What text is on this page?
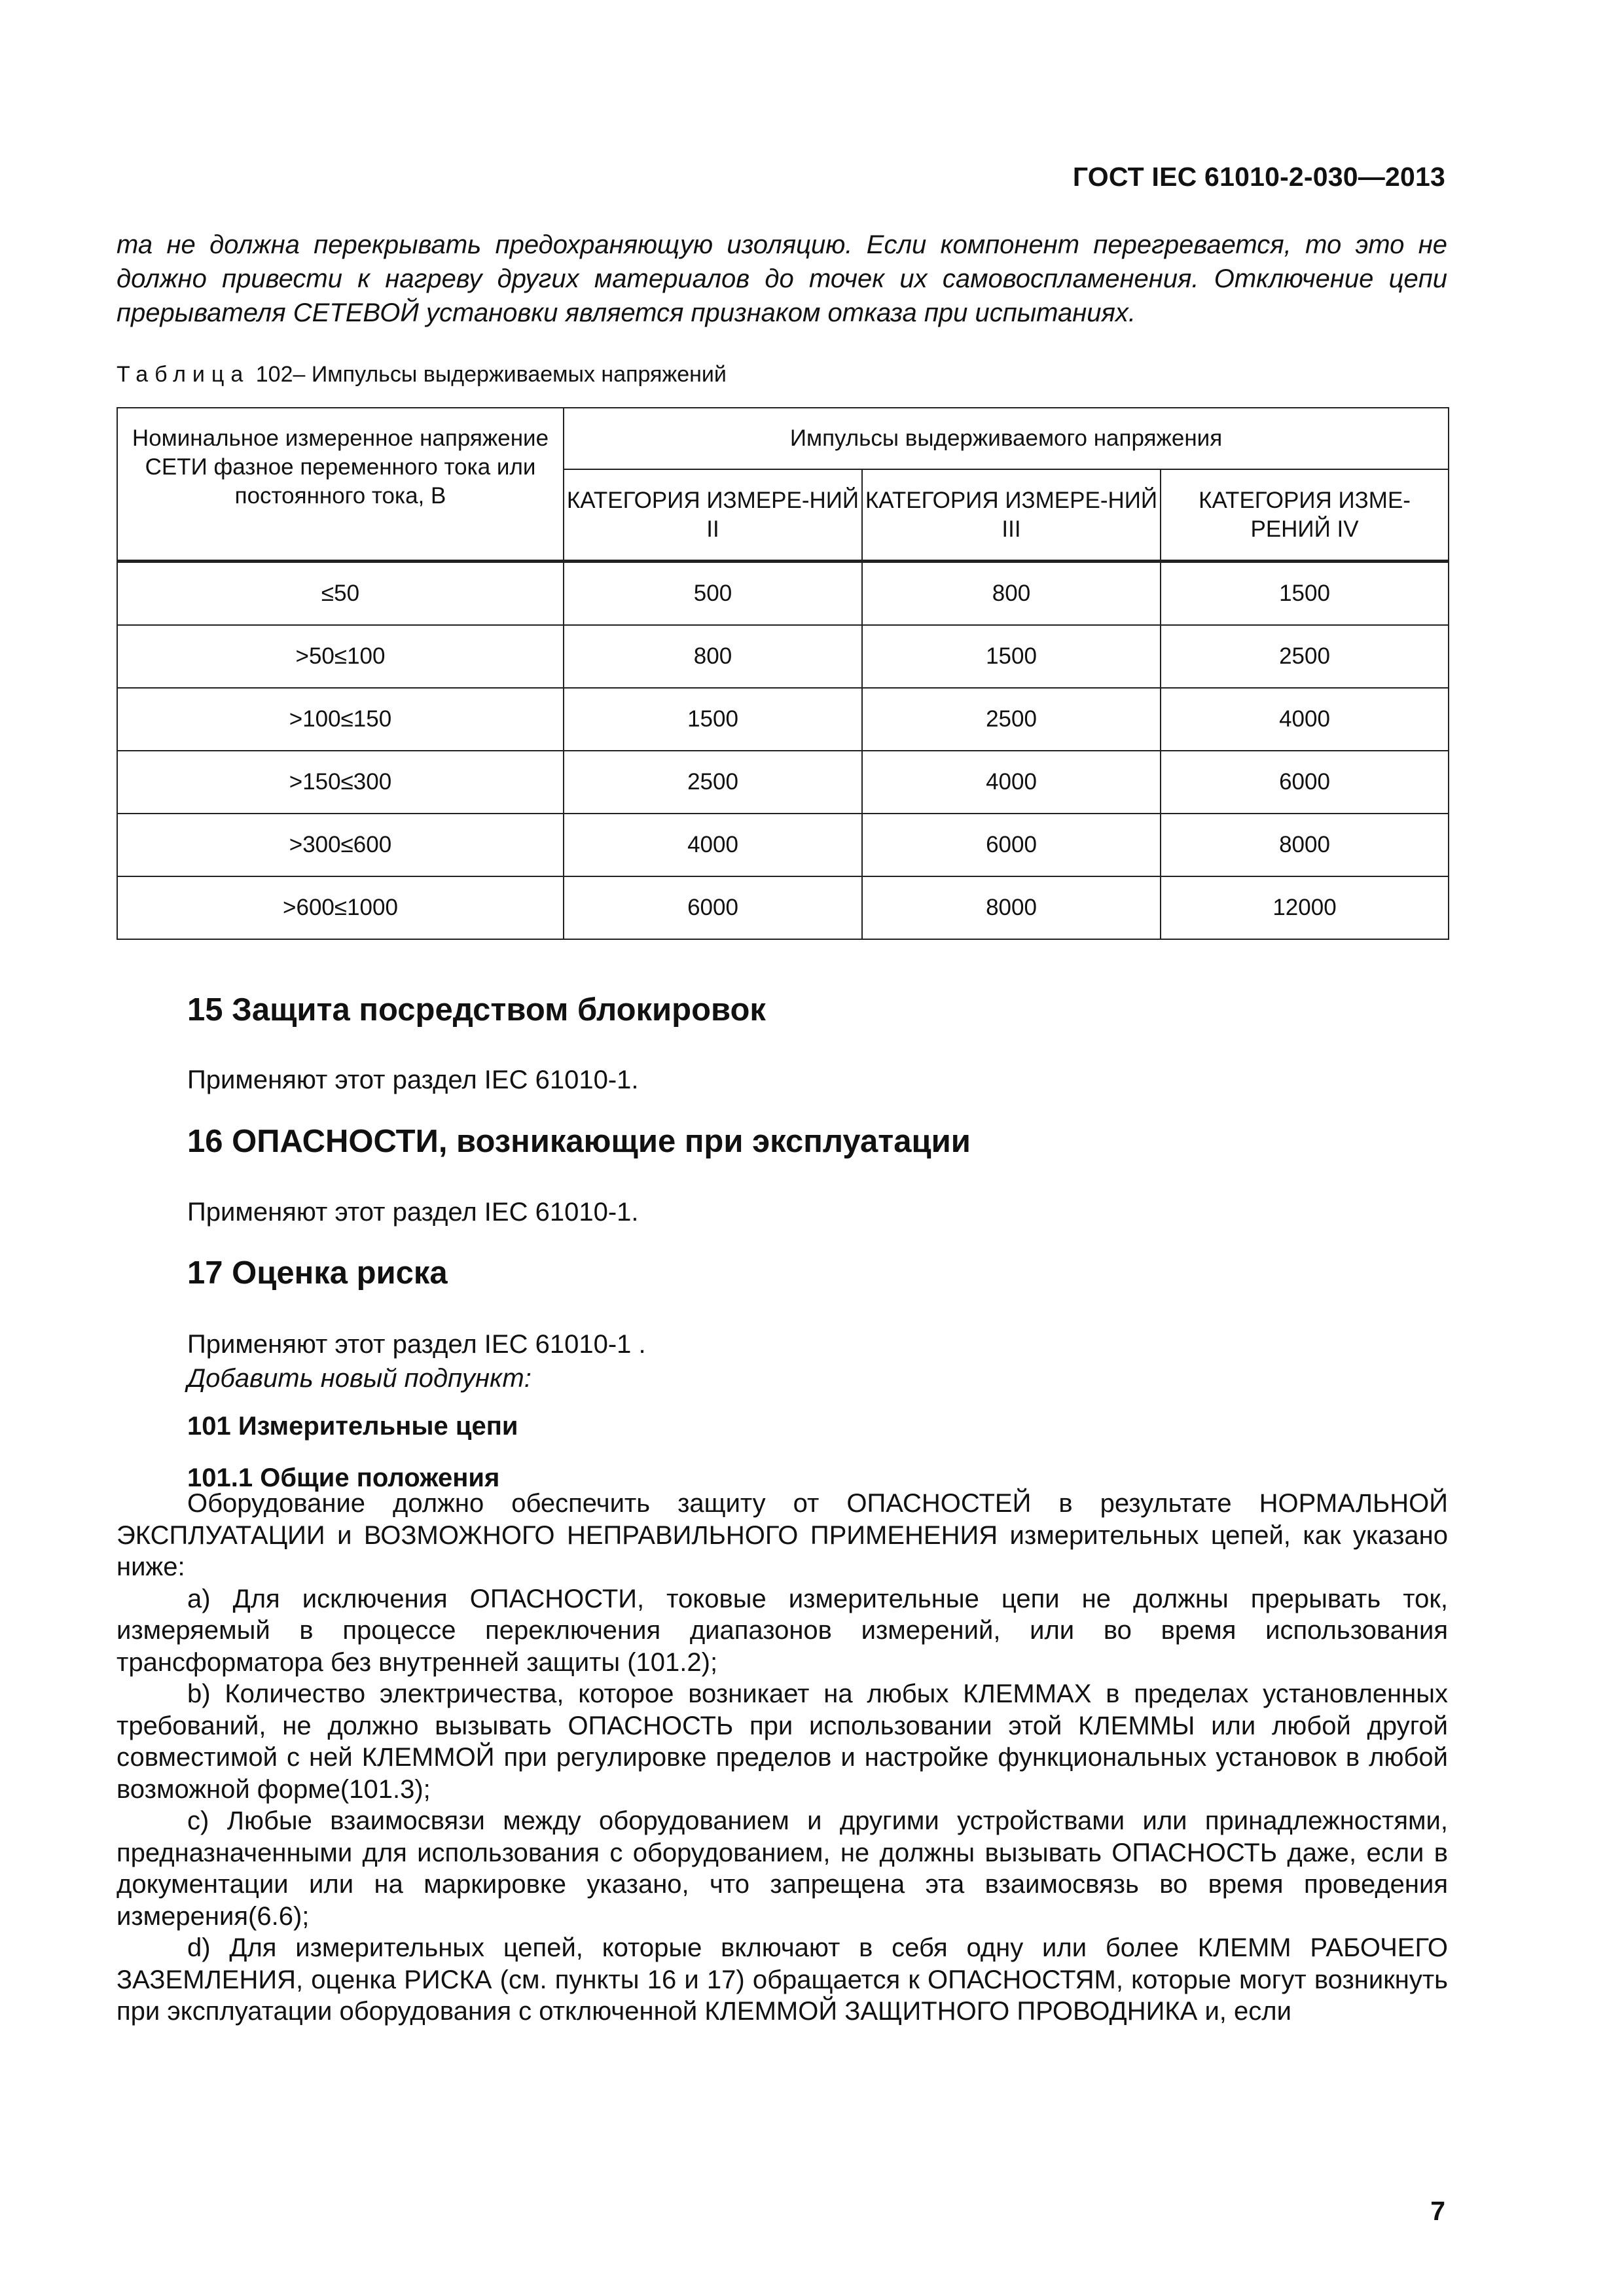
ГОСТ IEC 61010-2-030—2013

та не должна перекрывать предохраняющую изоляцию. Если компонент перегревается, то это не должно привести к нагреву других материалов до точек их самовоспламенения. Отключение цепи прерывателя СЕТЕВОЙ установки является признаком отказа при испытаниях.

Таблица 102– Импульсы выдерживаемых напряжений

Номинальное измеренное напряжение СЕТИ фазное переменного тока или постоянного тока, В	Импульсы выдерживаемого напряжения		
	КАТЕГОРИЯ ИЗМЕРЕ-НИЙ II	КАТЕГОРИЯ ИЗМЕРЕ-НИЙ III	КАТЕГОРИЯ ИЗМЕ-РЕНИЙ IV
≤50	500	800	1500
>50≤100	800	1500	2500
>100≤150	1500	2500	4000
>150≤300	2500	4000	6000
>300≤600	4000	6000	8000
>600≤1000	6000	8000	12000
15 Защита посредством блокировок

Применяют этот раздел IEC 61010-1.

16 ОПАСНОСТИ, возникающие при эксплуатации

Применяют этот раздел IEC 61010-1.

17 Оценка риска

Применяют этот раздел IEC 61010-1 .

Добавить новый подпункт:

101 Измерительные цепи
101.1 Общие положения

Оборудование должно обеспечить защиту от ОПАСНОСТЕЙ в результате НОРМАЛЬНОЙ ЭКСПЛУАТАЦИИ и ВОЗМОЖНОГО НЕПРАВИЛЬНОГО ПРИМЕНЕНИЯ измерительных цепей, как указано ниже:

а) Для исключения ОПАСНОСТИ, токовые измерительные цепи не должны прерывать ток, измеряемый в процессе переключения диапазонов измерений, или во время использования трансформатора без внутренней защиты (101.2);

b) Количество электричества, которое возникает на любых КЛЕММАХ в пределах установленных требований, не должно вызывать ОПАСНОСТЬ при использовании этой КЛЕММЫ или любой другой совместимой с ней КЛЕММОЙ при регулировке пределов и настройке функциональных установок в любой возможной форме(101.3);

с) Любые взаимосвязи между оборудованием и другими устройствами или принадлежностями, предназначенными для использования с оборудованием, не должны вызывать ОПАСНОСТЬ даже, если в документации или на маркировке указано, что запрещена эта взаимосвязь во время проведения измерения(6.6);

d) Для измерительных цепей, которые включают в себя одну или более КЛЕММ РАБОЧЕГО ЗАЗЕМЛЕНИЯ, оценка РИСКА (см. пункты 16 и 17) обращается к ОПАСНОСТЯМ, которые могут возникнуть при эксплуатации оборудования с отключенной КЛЕММОЙ ЗАЩИТНОГО ПРОВОДНИКА и, если

7
